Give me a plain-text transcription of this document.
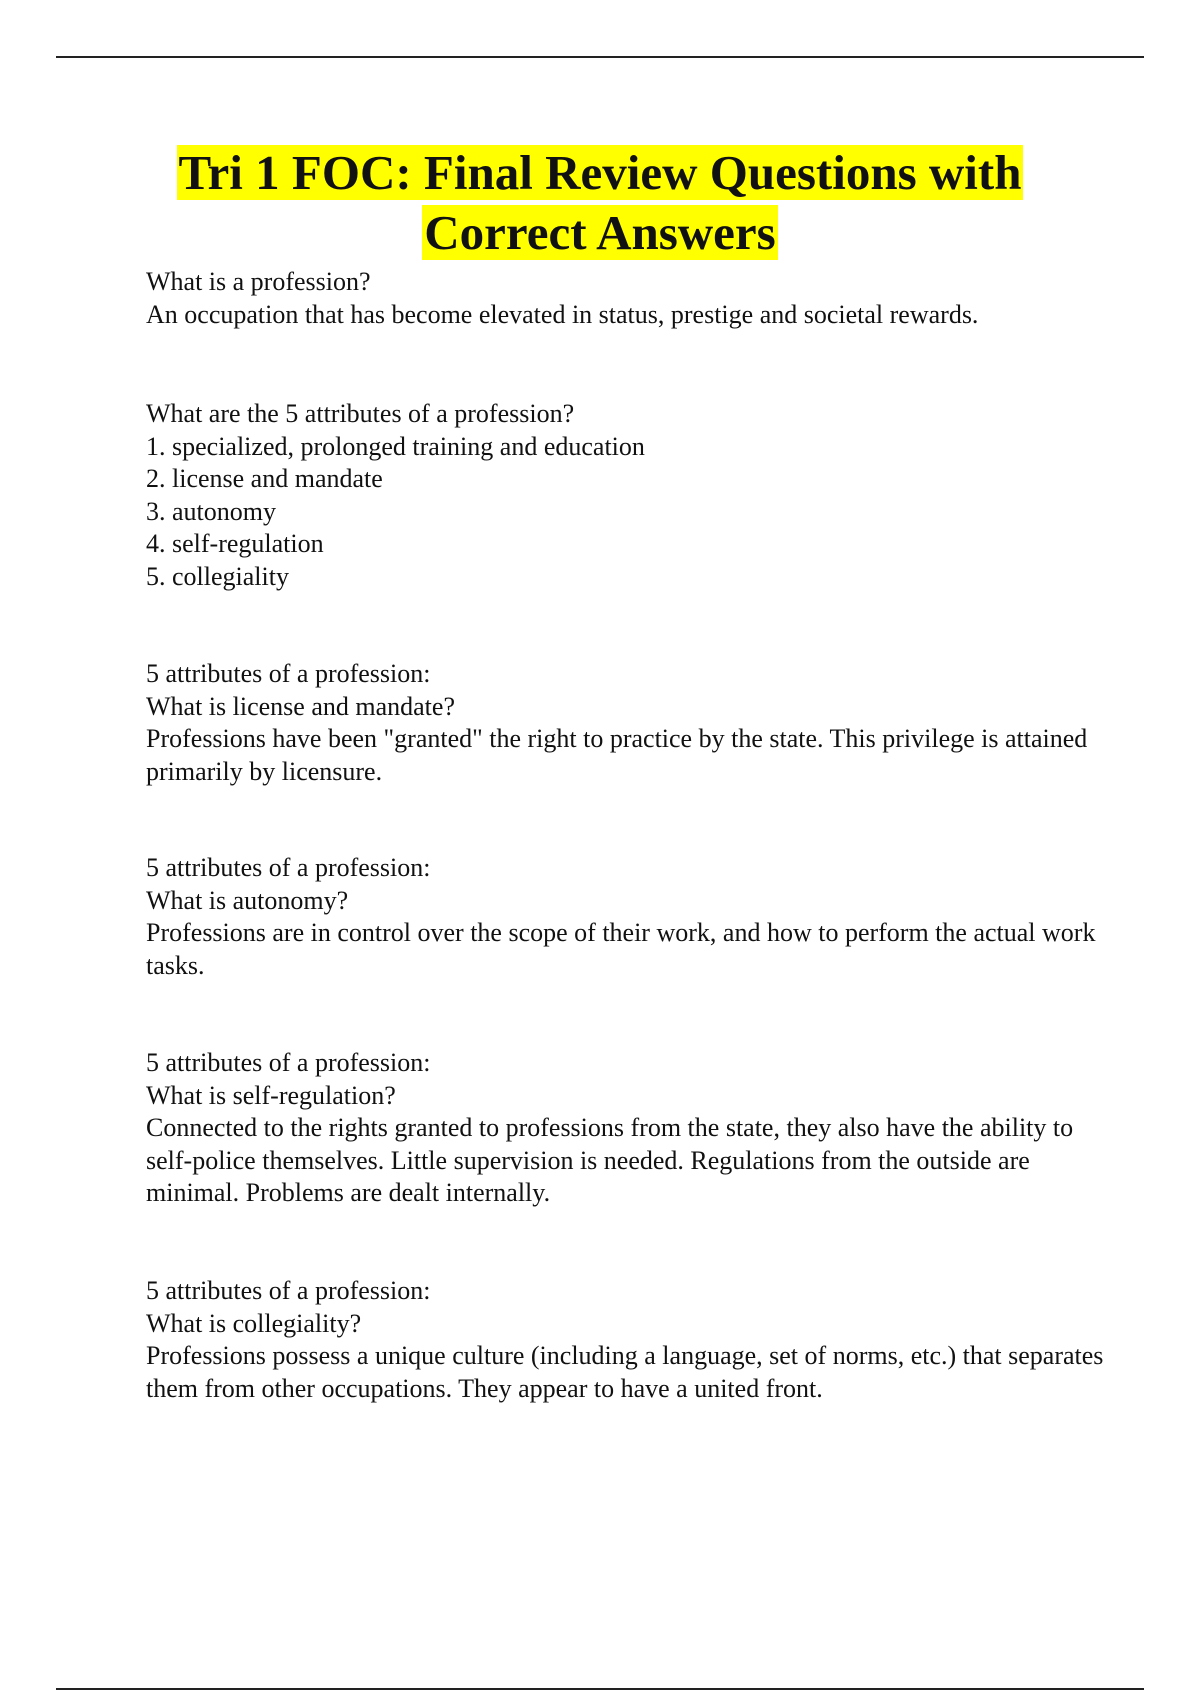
Tri 1 FOC: Final Review Questions with
Correct Answers
What is a profession?
An occupation that has become elevated in status, prestige and societal rewards.
What are the 5 attributes of a profession?
1. specialized, prolonged training and education
2. license and mandate
3. autonomy
4. self-regulation
5. collegiality
5 attributes of a profession:
What is license and mandate?
Professions have been "granted" the right to practice by the state. This privilege is attained primarily by licensure.
5 attributes of a profession:
What is autonomy?
Professions are in control over the scope of their work, and how to perform the actual work tasks.
5 attributes of a profession:
What is self-regulation?
Connected to the rights granted to professions from the state, they also have the ability to self-police themselves. Little supervision is needed. Regulations from the outside are minimal. Problems are dealt internally.
5 attributes of a profession:
What is collegiality?
Professions possess a unique culture (including a language, set of norms, etc.) that separates them from other occupations. They appear to have a united front.
